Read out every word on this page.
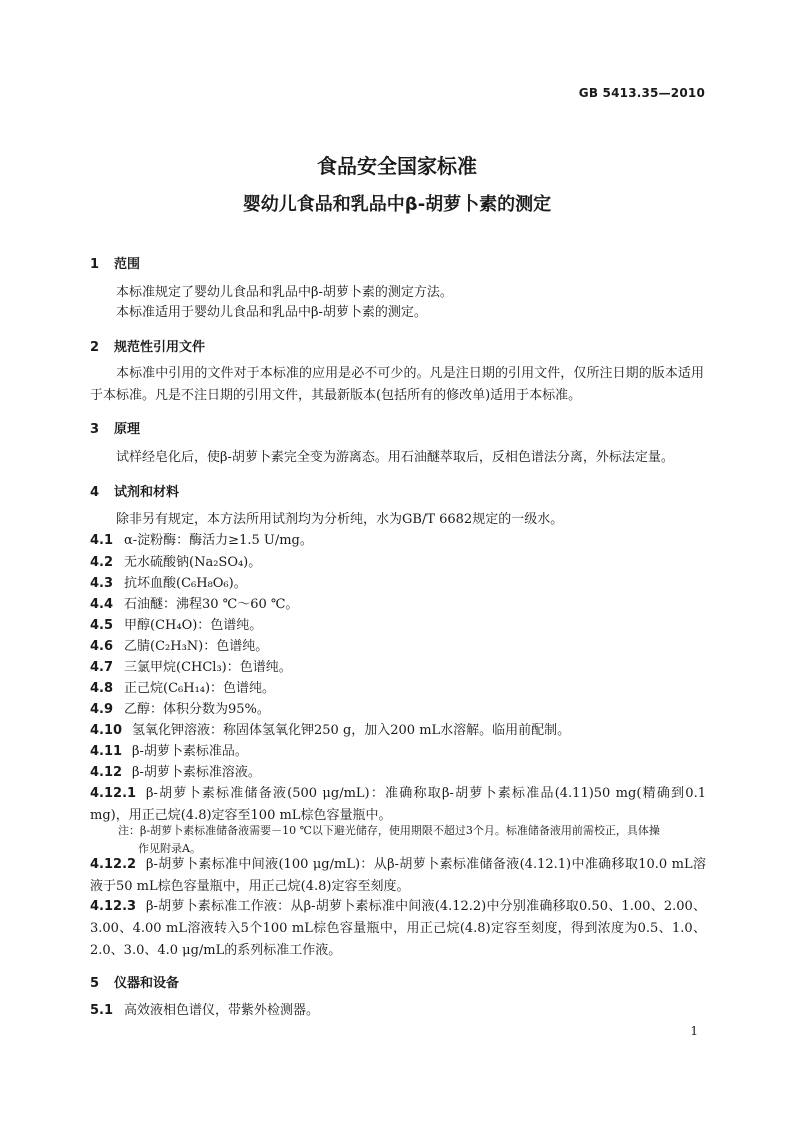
GB 5413.35—2010
食品安全国家标准
婴幼儿食品和乳品中β-胡萝卜素的测定
1 范围
本标准规定了婴幼儿食品和乳品中β-胡萝卜素的测定方法。
本标准适用于婴幼儿食品和乳品中β-胡萝卜素的测定。
2 规范性引用文件
本标准中引用的文件对于本标准的应用是必不可少的。凡是注日期的引用文件，仅所注日期的版本适用于本标准。凡是不注日期的引用文件，其最新版本(包括所有的修改单)适用于本标准。
3 原理
试样经皂化后，使β-胡萝卜素完全变为游离态。用石油醚萃取后，反相色谱法分离，外标法定量。
4 试剂和材料
除非另有规定，本方法所用试剂均为分析纯，水为GB/T 6682规定的一级水。
4.1 α-淀粉酶：酶活力≥1.5 U/mg。
4.2 无水硫酸钠(Na₂SO₄)。
4.3 抗坏血酸(C₆H₈O₆)。
4.4 石油醚：沸程30 ℃～60 ℃。
4.5 甲醇(CH₄O)：色谱纯。
4.6 乙腈(C₂H₃N)：色谱纯。
4.7 三氯甲烷(CHCl₃)：色谱纯。
4.8 正己烷(C₆H₁₄)：色谱纯。
4.9 乙醇：体积分数为95%。
4.10 氢氧化钾溶液：称固体氢氧化钾250 g，加入200 mL水溶解。临用前配制。
4.11 β-胡萝卜素标准品。
4.12 β-胡萝卜素标准溶液。
4.12.1 β-胡萝卜素标准储备液(500 μg/mL)：准确称取β-胡萝卜素标准品(4.11)50 mg(精确到0.1 mg)，用正己烷(4.8)定容至100 mL棕色容量瓶中。
注：β-胡萝卜素标准储备液需要－10 ℃以下避光储存，使用期限不超过3个月。标准储备液用前需校正，具体操
作见附录A。
4.12.2 β-胡萝卜素标准中间液(100 μg/mL)：从β-胡萝卜素标准储备液(4.12.1)中准确移取10.0 mL溶液于50 mL棕色容量瓶中，用正己烷(4.8)定容至刻度。
4.12.3 β-胡萝卜素标准工作液：从β-胡萝卜素标准中间液(4.12.2)中分别准确移取0.50、1.00、2.00、3.00、4.00 mL溶液转入5个100 mL棕色容量瓶中，用正己烷(4.8)定容至刻度，得到浓度为0.5、1.0、2.0、3.0、4.0 μg/mL的系列标准工作液。
5 仪器和设备
5.1 高效液相色谱仪，带紫外检测器。
1
